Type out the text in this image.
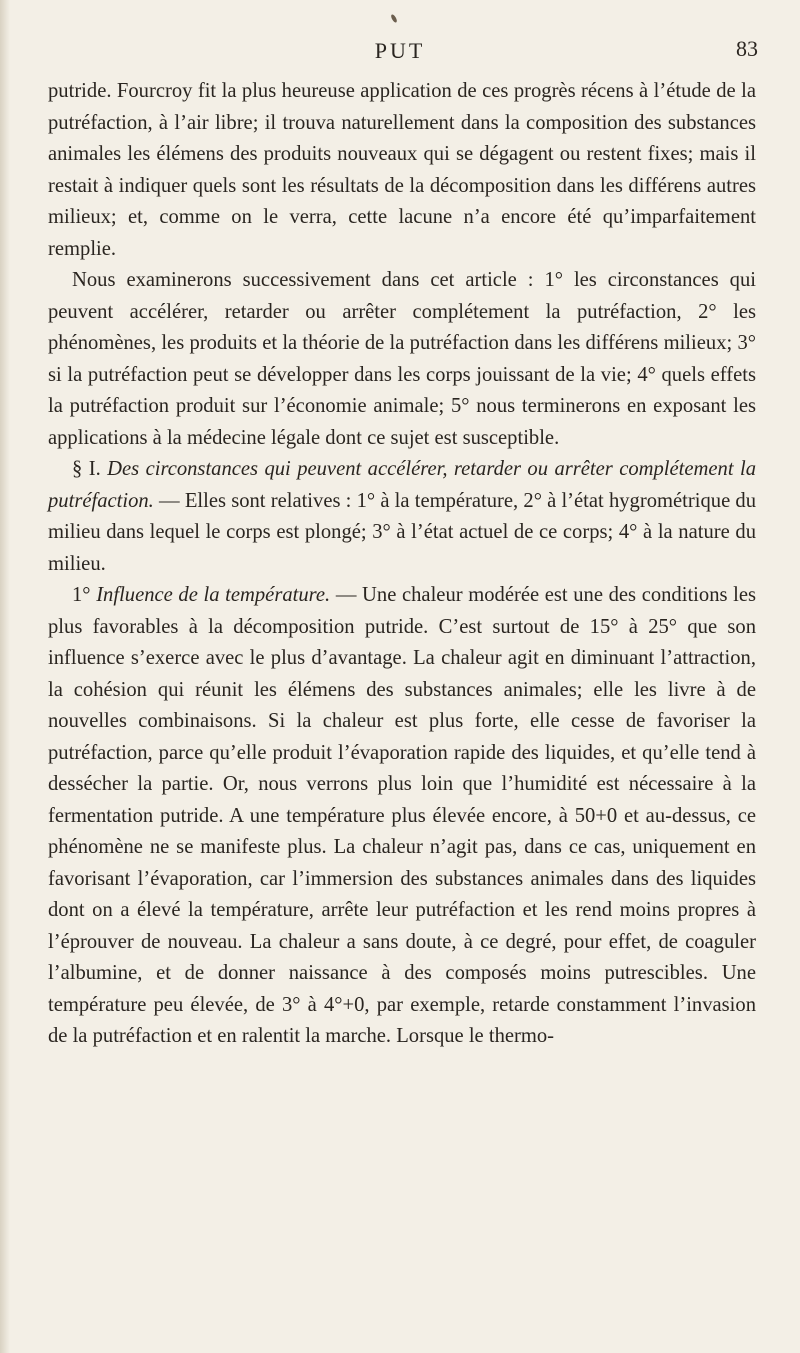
PUT	83

putride. Fourcroy fit la plus heureuse application de ces progrès récens à l’étude de la putréfaction, à l’air libre; il trouva naturellement dans la composition des substances animales les élémens des produits nouveaux qui se dégagent ou restent fixes; mais il restait à indiquer quels sont les résultats de la décomposition dans les différens autres milieux; et, comme on le verra, cette lacune n’a encore été qu’imparfaitement remplie.

Nous examinerons successivement dans cet article : 1° les circonstances qui peuvent accélérer, retarder ou arrêter complétement la putréfaction, 2° les phénomènes, les produits et la théorie de la putréfaction dans les différens milieux; 3° si la putréfaction peut se développer dans les corps jouissant de la vie; 4° quels effets la putréfaction produit sur l’économie animale; 5° nous terminerons en exposant les applications à la médecine légale dont ce sujet est susceptible.

§ I. Des circonstances qui peuvent accélérer, retarder ou arrêter complétement la putréfaction. — Elles sont relatives : 1° à la température, 2° à l’état hygrométrique du milieu dans lequel le corps est plongé; 3° à l’état actuel de ce corps; 4° à la nature du milieu.

1° Influence de la température. — Une chaleur modérée est une des conditions les plus favorables à la décomposition putride. C’est surtout de 15° à 25° que son influence s’exerce avec le plus d’avantage. La chaleur agit en diminuant l’attraction, la cohésion qui réunit les élémens des substances animales; elle les livre à de nouvelles combinaisons. Si la chaleur est plus forte, elle cesse de favoriser la putréfaction, parce qu’elle produit l’évaporation rapide des liquides, et qu’elle tend à dessécher la partie. Or, nous verrons plus loin que l’humidité est nécessaire à la fermentation putride. A une température plus élevée encore, à 50+0 et au-dessus, ce phénomène ne se manifeste plus. La chaleur n’agit pas, dans ce cas, uniquement en favorisant l’évaporation, car l’immersion des substances animales dans des liquides dont on a élevé la température, arrête leur putréfaction et les rend moins propres à l’éprouver de nouveau. La chaleur a sans doute, à ce degré, pour effet, de coaguler l’albumine, et de donner naissance à des composés moins putrescibles. Une température peu élevée, de 3° à 4°+0, par exemple, retarde constamment l’invasion de la putréfaction et en ralentit la marche. Lorsque le thermo-
